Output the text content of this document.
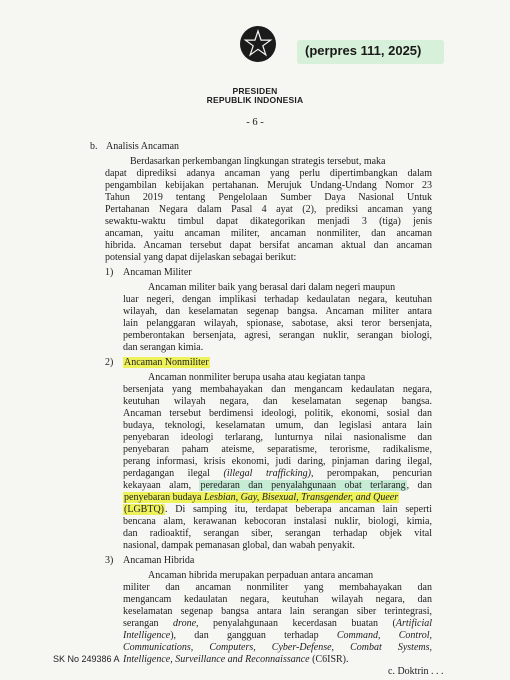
(perpres 111, 2025)
PRESIDEN
REPUBLIK INDONESIA
- 6 -
b. Analisis Ancaman
Berdasarkan perkembangan lingkungan strategis tersebut, maka
dapat diprediksi adanya ancaman yang perlu dipertimbangkan dalam
pengambilan kebijakan pertahanan. Merujuk Undang-Undang Nomor 23
Tahun 2019 tentang Pengelolaan Sumber Daya Nasional Untuk
Pertahanan Negara dalam Pasal 4 ayat (2), prediksi ancaman yang
sewaktu-waktu timbul dapat dikategorikan menjadi 3 (tiga) jenis
ancaman, yaitu ancaman militer, ancaman nonmiliter, dan ancaman
hibrida. Ancaman tersebut dapat bersifat ancaman aktual dan ancaman
potensial yang dapat dijelaskan sebagai berikut:
1) Ancaman Militer
Ancaman militer baik yang berasal dari dalam negeri maupun
luar negeri, dengan implikasi terhadap kedaulatan negara, keutuhan
wilayah, dan keselamatan segenap bangsa. Ancaman militer antara
lain pelanggaran wilayah, spionase, sabotase, aksi teror bersenjata,
pemberontakan bersenjata, agresi, serangan nuklir, serangan biologi,
dan serangan kimia.
2) Ancaman Nonmiliter
Ancaman nonmiliter berupa usaha atau kegiatan tanpa
bersenjata yang membahayakan dan mengancam kedaulatan negara,
keutuhan wilayah negara, dan keselamatan segenap bangsa.
Ancaman tersebut berdimensi ideologi, politik, ekonomi, sosial dan
budaya, teknologi, keselamatan umum, dan legislasi antara lain
penyebaran ideologi terlarang, lunturnya nilai nasionalisme dan
penyebaran paham ateisme, separatisme, terorisme, radikalisme,
perang informasi, krisis ekonomi, judi daring, pinjaman daring ilegal,
perdagangan ilegal (illegal trafficking), perompakan, pencurian
kekayaan alam, peredaran dan penyalahgunaan obat terlarang, dan
penyebaran budaya Lesbian, Gay, Bisexual, Transgender, and Queer
(LGBTQ). Di samping itu, terdapat beberapa ancaman lain seperti
bencana alam, kerawanan kebocoran instalasi nuklir, biologi, kimia,
dan radioaktif, serangan siber, serangan terhadap objek vital
nasional, dampak pemanasan global, dan wabah penyakit.
3) Ancaman Hibrida
Ancaman hibrida merupakan perpaduan antara ancaman
militer dan ancaman nonmiliter yang membahayakan dan
mengancam kedaulatan negara, keutuhan wilayah negara, dan
keselamatan segenap bangsa antara lain serangan siber terintegrasi,
serangan drone, penyalahgunaan kecerdasan buatan (Artificial
Intelligence), dan gangguan terhadap Command, Control,
Communications, Computers, Cyber-Defense, Combat Systems,
Intelligence, Surveillance and Reconnaissance (C6ISR).
SK No 249386 A
c. Doktrin . . .
